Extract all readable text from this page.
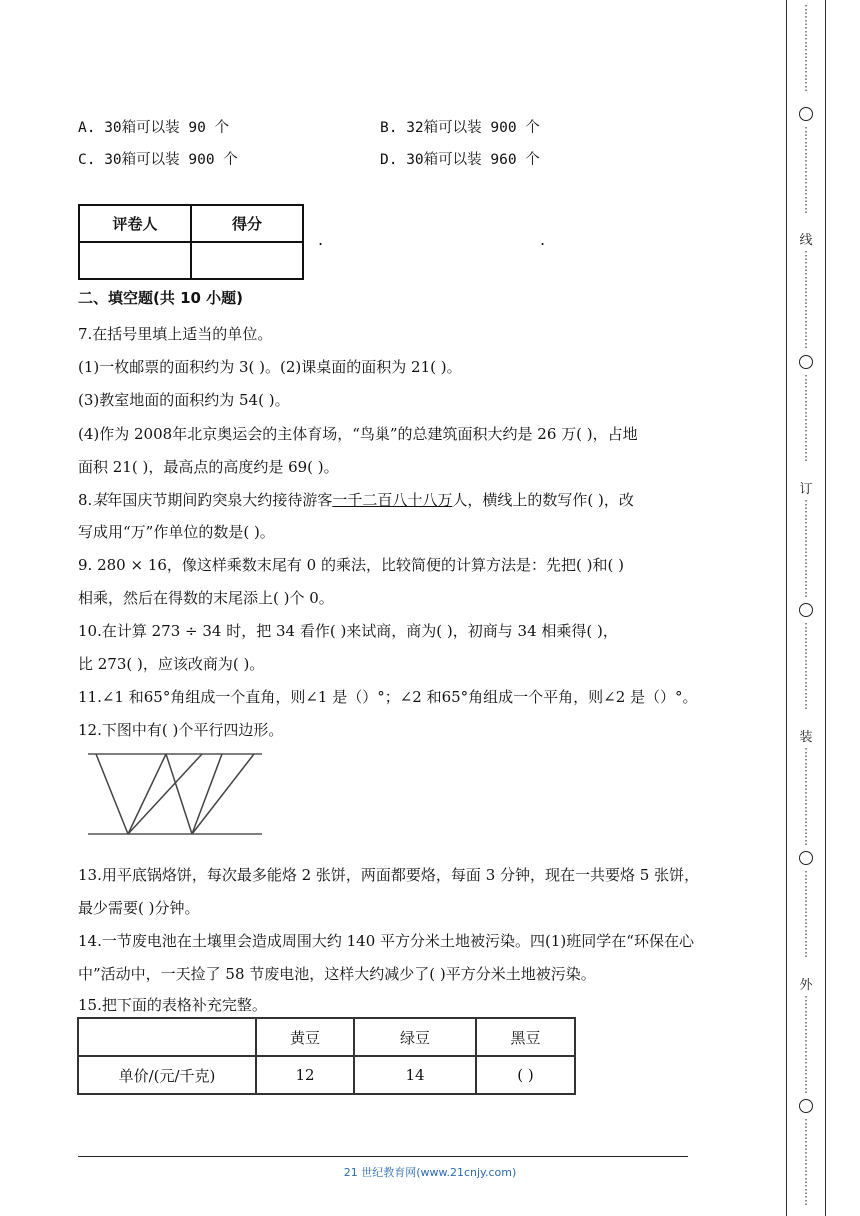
A. 30箱可以装 90 个	B. 32箱可以装 900 个
C. 30箱可以装 900 个	D. 30箱可以装 960 个
评卷人	得分

.	.
二、填空题(共 10 小题)
7.在括号里填上适当的单位。
(1)一枚邮票的面积约为 3( )。(2)课桌面的面积为 21( )。
(3)教室地面的面积约为 54( )。
(4)作为 2008年北京奥运会的主体育场，“鸟巢”的总建筑面积大约是 26 万( )，占地
面积 21( )，最高点的高度约是 69( )。
8.某年国庆节期间趵突泉大约接待游客一千二百八十八万人，横线上的数写作( )，改
写成用“万”作单位的数是( )。
9. 280 × 16，像这样乘数末尾有 0 的乘法，比较简便的计算方法是：先把( )和( )
相乘，然后在得数的末尾添上( )个 0。
10.在计算 273 ÷ 34 时，把 34 看作( )来试商，商为( )，初商与 34 相乘得( )，
比 273( )，应该改商为( )。
11.∠1 和65°角组成一个直角，则∠1 是（）°；∠2 和65°角组成一个平角，则∠2 是（）°。
12.下图中有( )个平行四边形。
13.用平底锅烙饼，每次最多能烙 2 张饼，两面都要烙，每面 3 分钟，现在一共要烙 5 张饼，
最少需要( )分钟。
14.一节废电池在土壤里会造成周围大约 140 平方分米土地被污染。四(1)班同学在“环保在心
中”活动中，一天捡了 58 节废电池，这样大约减少了( )平方分米土地被污染。
15.把下面的表格补充完整。
	黄豆	绿豆	黑豆
单价/(元/千克)	12	14	( )
21 世纪教育网(www.21cnjy.com)
⋮
⋮
⋮
⋮
⋮
⋮
⋮
⋮
⋮
⋮
⋮
⋮
⋮
⋮
⋮
⋮
线
⋮
⋮
⋮
⋮
⋮
⋮
⋮
⋮
⋮
⋮
⋮
⋮
⋮
⋮
⋮
⋮
⋮
订
⋮
⋮
⋮
⋮
⋮
⋮
⋮
⋮
⋮
⋮
⋮
⋮
⋮
⋮
⋮
⋮
⋮
装
⋮
⋮
⋮
⋮
⋮
⋮
⋮
⋮
⋮
⋮
⋮
⋮
⋮
⋮
⋮
⋮
⋮
外
⋮
⋮
⋮
⋮
⋮
⋮
⋮
⋮
⋮
⋮
⋮
⋮
⋮
⋮
⋮
⋮
⋮
